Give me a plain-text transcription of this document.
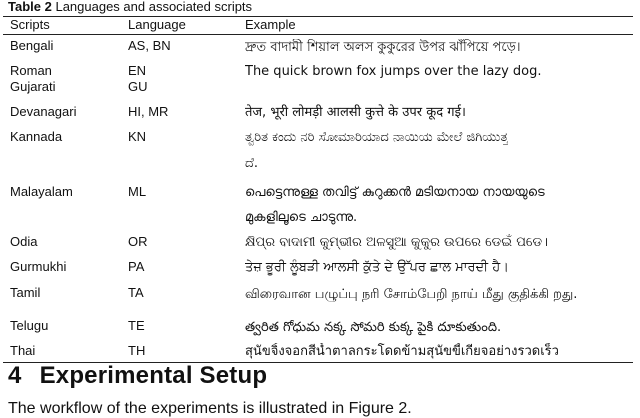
Table 2 Languages and associated scripts
Scripts	Language	Example
Bengali	AS, BN	দ্রুত বাদামী শিয়াল অলস কুকুরের উপর ঝাঁপিয়ে পড়ে।
Roman	EN	The quick brown fox jumps over the lazy dog.
Gujarati	GU
Devanagari	HI, MR	तेज, भूरी लोमड़ी आलसी कुत्ते के उपर कूद गई।
Kannada	KN	ತ್ವರಿತ ಕಂದು ನರಿ ಸೋಮಾರಿಯಾದ ನಾಯಿಯ ಮೇಲೆ ಜಿಗಿಯುತ್ತ
ದೆ.
Malayalam	ML	പെട്ടെന്നുള്ള തവിട്ട് കുറുക്കൻ മടിയനായ നായയുടെ
മുകളിലൂടെ ചാടുന്നു.
Odia	OR	କ୍ଷିପ୍ର ବାଦାମୀ କୁମ୍ଭୀର ଅଳସୁଆ କୁକୁର ଉପରେ ଡେଇଁ ପଡେ।
Gurmukhi	PA	ਤੇਜ਼ ਭੂਰੀ ਲੂੰਬੜੀ ਆਲਸੀ ਕੁੱਤੇ ਦੇ ਉੱਪਰ ਛਾਲ ਮਾਰਦੀ ਹੈ।
Tamil	TA	விரைவான பழுப்பு நரி சோம்பேறி நாய் மீது குதிக்கி றது.
Telugu	TE	త్వరిత గోధుమ నక్క సోమరి కుక్క పైకి దూకుతుంది.
Thai	TH	สุนัขจิ้งจอกสีน้ำตาลกระโดดข้ามสุนัขขี้เกียจอย่างรวดเร็ว
4 Experimental Setup
The workflow of the experiments is illustrated in Figure 2.
